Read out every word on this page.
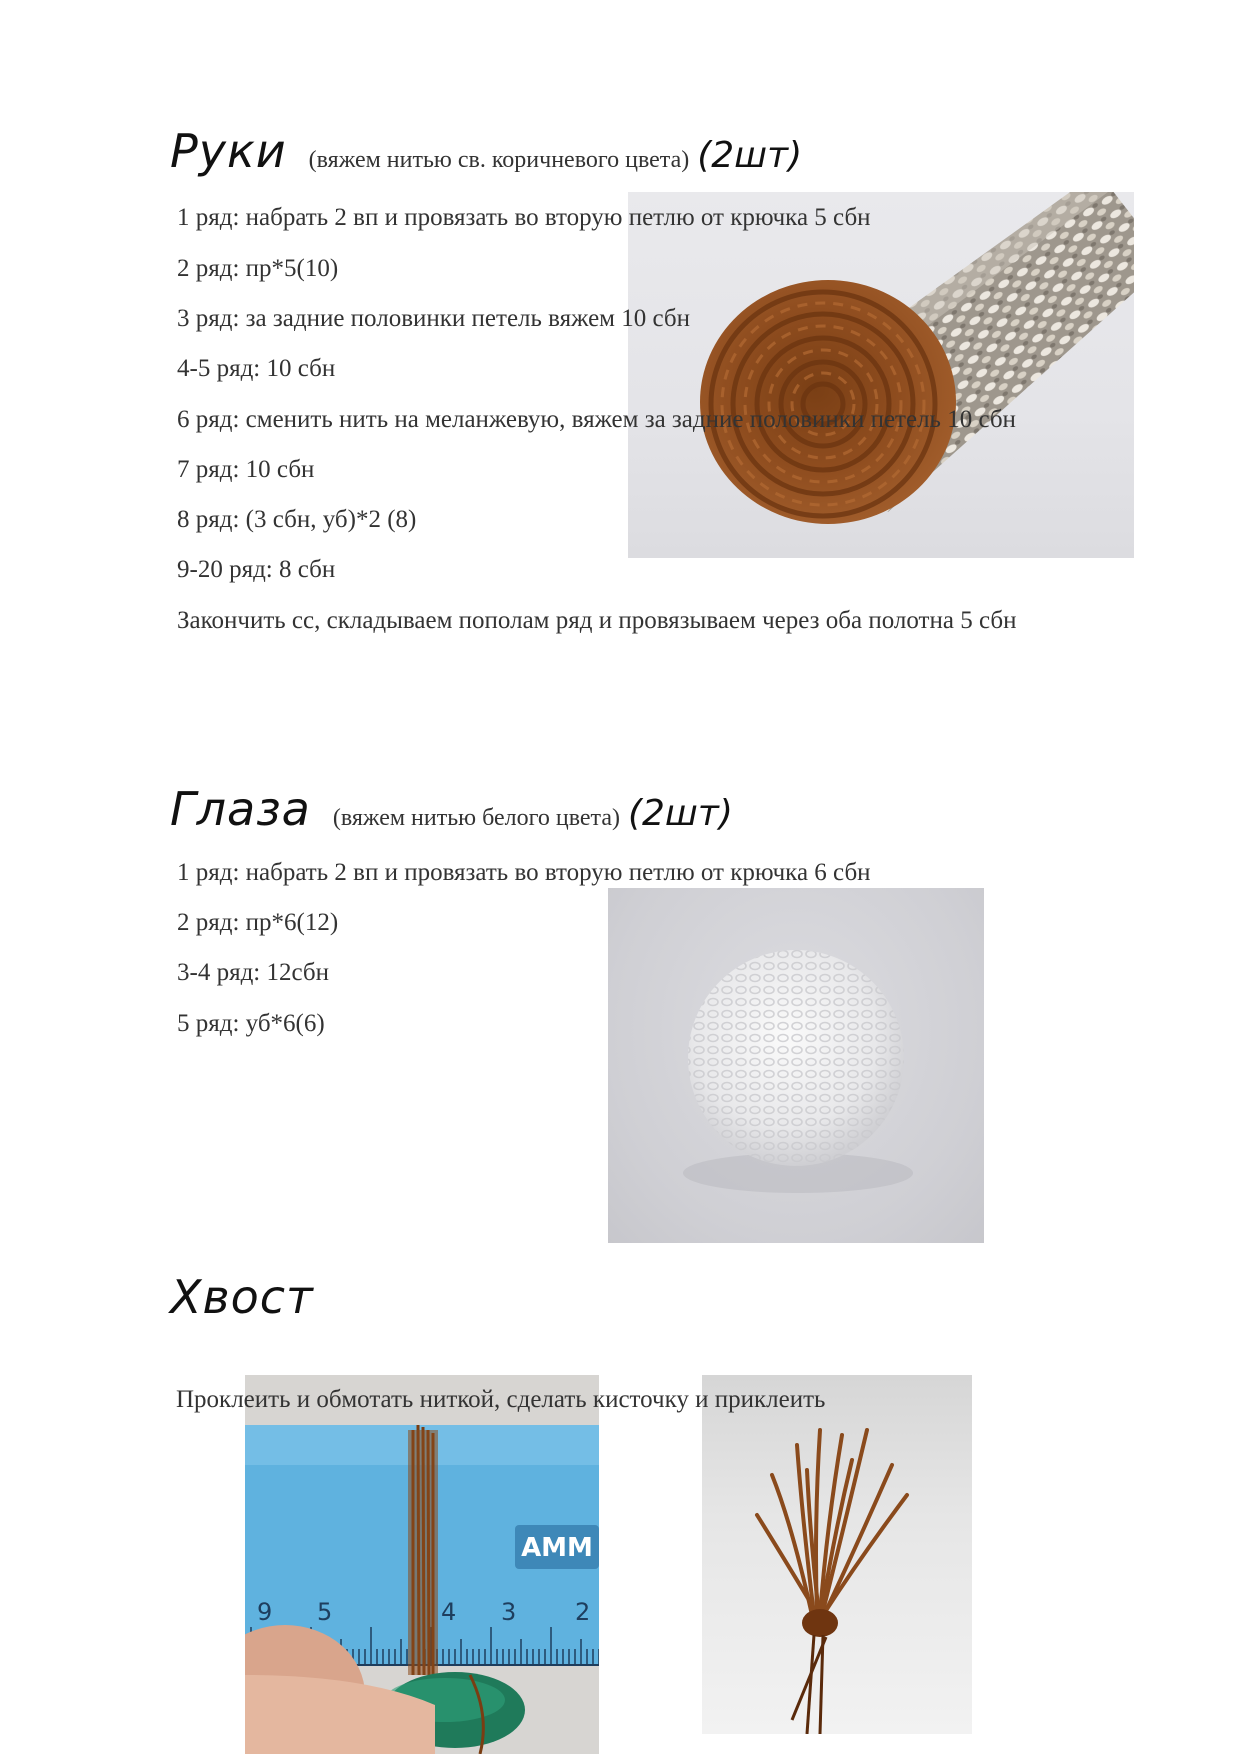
Руки (вяжем нитью св. коричневого цвета) (2шт)
1 ряд: набрать 2 вп и провязать во вторую петлю от крючка 5 сбн
2 ряд: пр*5(10)
3 ряд: за задние половинки петель вяжем 10 сбн
4-5 ряд: 10 сбн
6 ряд: сменить нить на меланжевую, вяжем за задние половинки петель 10 сбн
7 ряд: 10 сбн
8 ряд: (3 сбн, уб)*2 (8)
9-20 ряд: 8 сбн
Закончить сс, складываем пополам ряд и провязываем через оба полотна 5 сбн
Глаза (вяжем нитью белого цвета) (2шт)
1 ряд: набрать 2 вп и провязать во вторую петлю от крючка 6 сбн
2 ряд: пр*6(12)
3-4 ряд: 12сбн
5 ряд: уб*6(6)
Хвост
АММ
9 5	4 3 2
Проклеить и обмотать ниткой, сделать кисточку и приклеить
